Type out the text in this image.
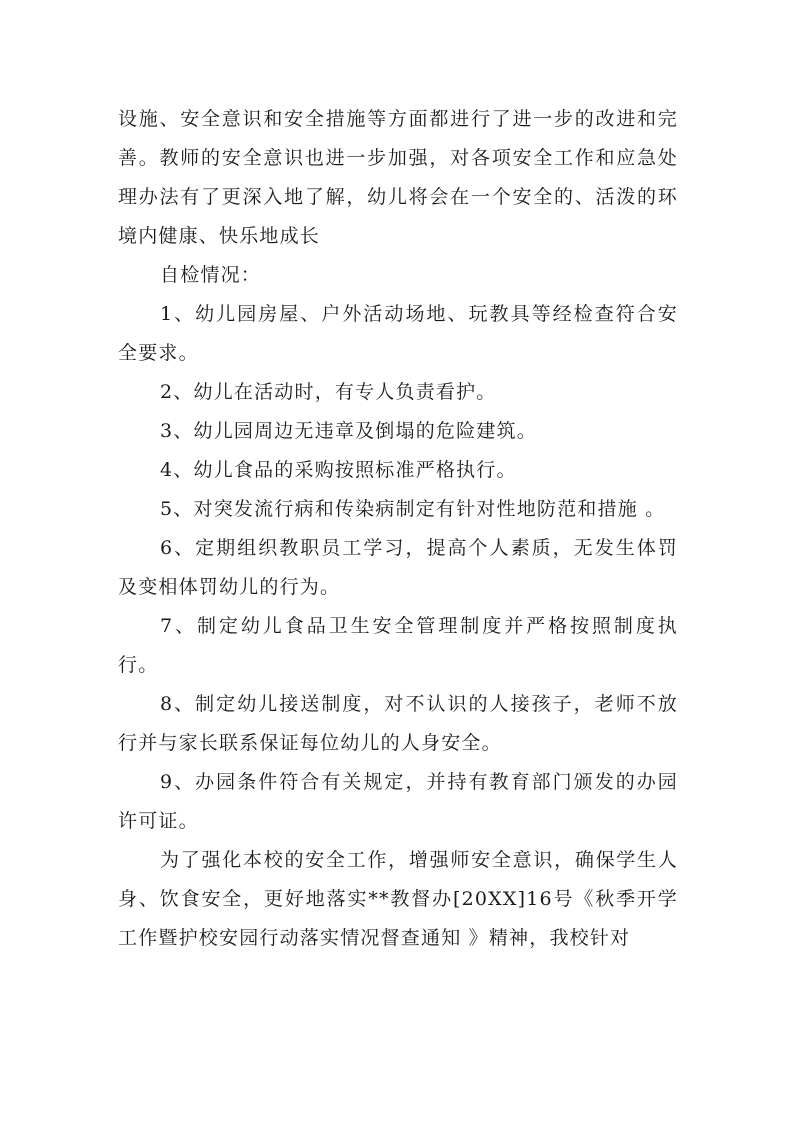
设施、安全意识和安全措施等方面都进行了进一步的改进和完善。教师的安全意识也进一步加强，对各项安全工作和应急处理办法有了更深入地了解，幼儿将会在一个安全的、活泼的环境内健康、快乐地成长

自检情况：

1、幼儿园房屋、户外活动场地、玩教具等经检查符合安全要求。

2、幼儿在活动时，有专人负责看护。

3、幼儿园周边无违章及倒塌的危险建筑。

4、幼儿食品的采购按照标准严格执行。

5、对突发流行病和传染病制定有针对性地防范和措施 。

6、定期组织教职员工学习，提高个人素质，无发生体罚及变相体罚幼儿的行为。

7、制定幼儿食品卫生安全管理制度并严格按照制度执行。

8、制定幼儿接送制度，对不认识的人接孩子，老师不放行并与家长联系保证每位幼儿的人身安全。

9、办园条件符合有关规定，并持有教育部门颁发的办园许可证。

为了强化本校的安全工作，增强师安全意识，确保学生人身、饮食安全，更好地落实**教督办[20XX]16号《秋季开学工作暨护校安园行动落实情况督查通知 》精神，我校针对
